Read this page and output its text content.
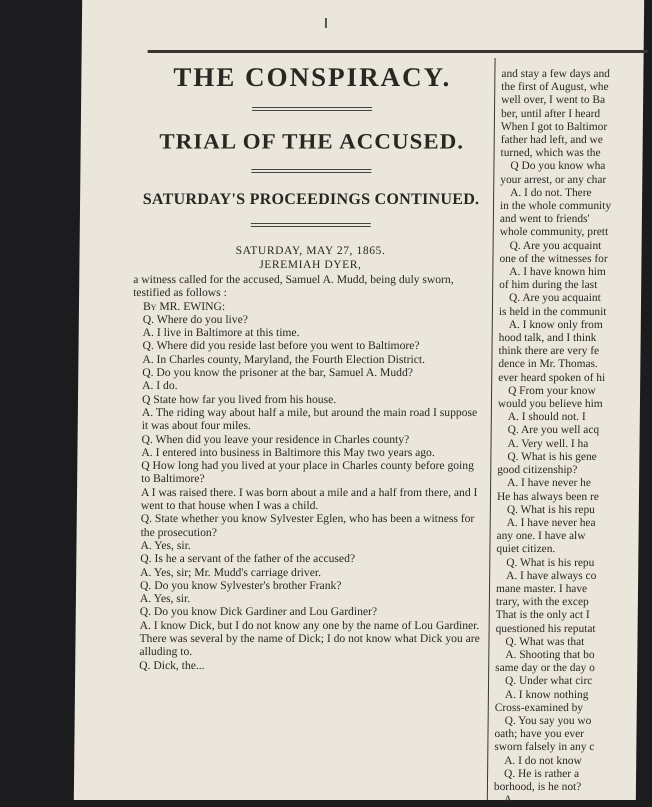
THE CONSPIRACY.
TRIAL OF THE ACCUSED.
SATURDAY'S PROCEEDINGS CONTINUED.
SATURDAY, MAY 27, 1865.
JEREMIAH DYER,

a witness called for the accused, Samuel A. Mudd, being duly sworn, testified as follows :

By MR. EWING:

Q. Where do you live?

A. I live in Baltimore at this time.

Q. Where did you reside last before you went to Baltimore?

A. In Charles county, Maryland, the Fourth Election District.

Q. Do you know the prisoner at the bar, Samuel A. Mudd?

A. I do.

Q State how far you lived from his house.

A. The riding way about half a mile, but around the main road I suppose it was about four miles.

Q. When did you leave your residence in Charles county?

A. I entered into business in Baltimore this May two years ago.

Q How long had you lived at your place in Charles county before going to Baltimore?

A I was raised there. I was born about a mile and a half from there, and I went to that house when I was a child.

Q. State whether you know Sylvester Eglen, who has been a witness for the prosecution?

A. Yes, sir.

Q. Is he a servant of the father of the accused?

A. Yes, sir; Mr. Mudd's carriage driver.

Q. Do you know Sylvester's brother Frank?

A. Yes, sir.

Q. Do you know Dick Gardiner and Lou Gardiner?

A. I know Dick, but I do not know any one by the name of Lou Gardiner. There was several by the name of Dick; I do not know what Dick you are alluding to.

Q. Dick, the...

and stay a few days and

the first of August, whe

well over, I went to Ba

ber, until after I heard

When I got to Baltimor

father had left, and we

turned, which was the

Q Do you know wha

your arrest, or any char

A. I do not. There

in the whole community

and went to friends'

whole community, prett

Q. Are you acquaint

one of the witnesses for

A. I have known him

of him during the last

Q. Are you acquaint

is held in the communit

A. I know only from

hood talk, and I think

think there are very fe

dence in Mr. Thomas.

ever heard spoken of hi

Q From your know

would you believe him

A. I should not. I

Q. Are you well acq

A. Very well. I ha

Q. What is his gene

good citizenship?

A. I have never he

He has always been re

Q. What is his repu

A. I have never hea

any one. I have alw

quiet citizen.

Q. What is his repu

A. I have always co

mane master. I have

trary, with the excep

That is the only act I

questioned his reputat

Q. What was that

A. Shooting that bo

same day or the day o

Q. Under what circ

A. I know nothing

Cross-examined by

Q. You say you wo

oath; have you ever

sworn falsely in any c

A. I do not know

Q. He is rather a

borhood, is he not?

A. ...
